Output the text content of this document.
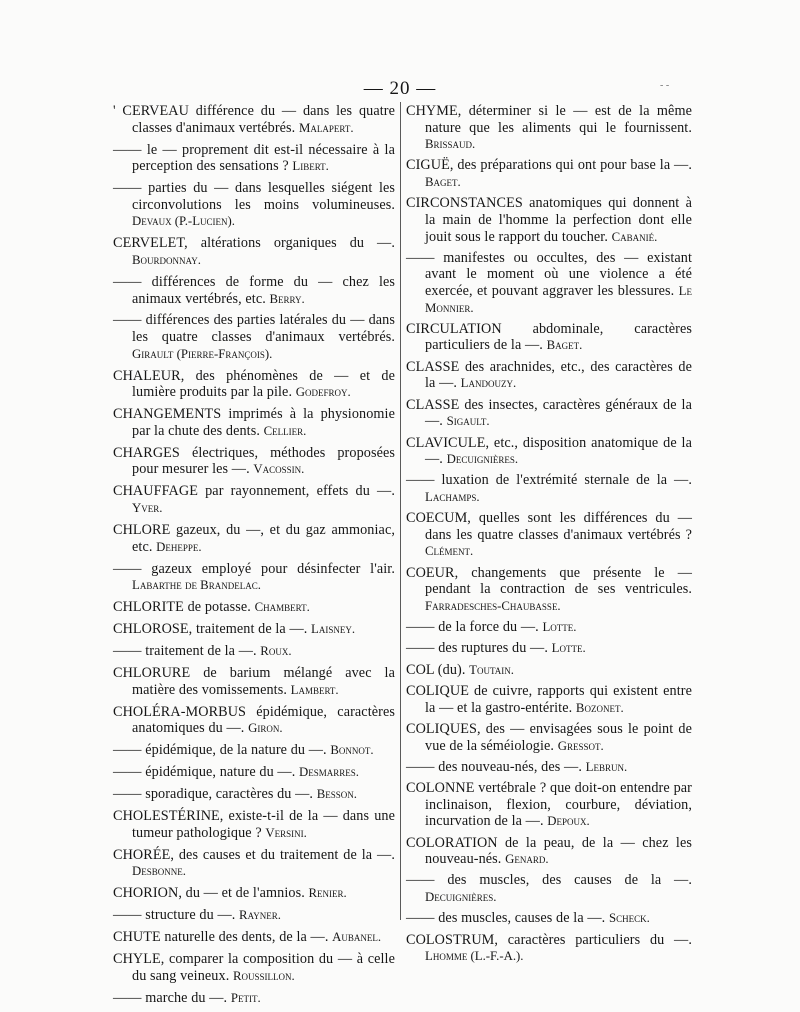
— 20 —	- -
' CERVEAU différence du — dans les quatre classes d'animaux vertébrés. Malapert.
—— le — proprement dit est-il nécessaire à la perception des sensations ? Libert.
—— parties du — dans lesquelles siégent les circonvolutions les moins volumineuses. Devaux (P.-Lucien).
CERVELET, altérations organiques du —. Bourdonnay.
—— différences de forme du — chez les animaux vertébrés, etc. Berry.
—— différences des parties latérales du — dans les quatre classes d'animaux vertébrés. Girault (Pierre-François).
CHALEUR, des phénomènes de — et de lumière produits par la pile. Godefroy.
CHANGEMENTS imprimés à la physionomie par la chute des dents. Cellier.
CHARGES électriques, méthodes proposées pour mesurer les —. Vacossin.
CHAUFFAGE par rayonnement, effets du —. Yver.
CHLORE gazeux, du —, et du gaz ammoniac, etc. Deheppe.
—— gazeux employé pour désinfecter l'air. Labarthe de Brandelac.
CHLORITE de potasse. Chambert.
CHLOROSE, traitement de la —. Laisney.
—— traitement de la —. Roux.
CHLORURE de barium mélangé avec la matière des vomissements. Lambert.
CHOLÉRA-MORBUS épidémique, caractères anatomiques du —. Giron.
—— épidémique, de la nature du —. Bonnot.
—— épidémique, nature du —. Desmarres.
—— sporadique, caractères du —. Besson.
CHOLESTÉRINE, existe-t-il de la — dans une tumeur pathologique ? Versini.
CHORÉE, des causes et du traitement de la —. Desbonne.
CHORION, du — et de l'amnios. Renier.
—— structure du —. Rayner.
CHUTE naturelle des dents, de la —. Aubanel.
CHYLE, comparer la composition du — à celle du sang veineux. Roussillon.
—— marche du —. Petit.
CHYME, déterminer si le — est de la même nature que les aliments qui le fournissent. Brissaud.
CIGUË, des préparations qui ont pour base la —. Baget.
CIRCONSTANCES anatomiques qui donnent à la main de l'homme la perfection dont elle jouit sous le rapport du toucher. Cabanié.
—— manifestes ou occultes, des — existant avant le moment où une violence a été exercée, et pouvant aggraver les blessures. Le Monnier.
CIRCULATION abdominale, caractères particuliers de la —. Baget.
CLASSE des arachnides, etc., des caractères de la —. Landouzy.
CLASSE des insectes, caractères généraux de la —. Sigault.
CLAVICULE, etc., disposition anatomique de la —. Decuignières.
—— luxation de l'extrémité sternale de la —. Lachamps.
COECUM, quelles sont les différences du — dans les quatre classes d'animaux vertébrés ? Clément.
COEUR, changements que présente le — pendant la contraction de ses ventricules. Farradesches-Chaubasse.
—— de la force du —. Lotte.
—— des ruptures du —. Lotte.
COL (du). Toutain.
COLIQUE de cuivre, rapports qui existent entre la — et la gastro-entérite. Bozonet.
COLIQUES, des — envisagées sous le point de vue de la séméiologie. Gressot.
—— des nouveau-nés, des —. Lebrun.
COLONNE vertébrale ? que doit-on entendre par inclinaison, flexion, courbure, déviation, incurvation de la —. Depoux.
COLORATION de la peau, de la — chez les nouveau-nés. Genard.
—— des muscles, des causes de la —. Decuignières.
—— des muscles, causes de la —. Scheck.
COLOSTRUM, caractères particuliers du —. Lhomme (L.-F.-A.).
